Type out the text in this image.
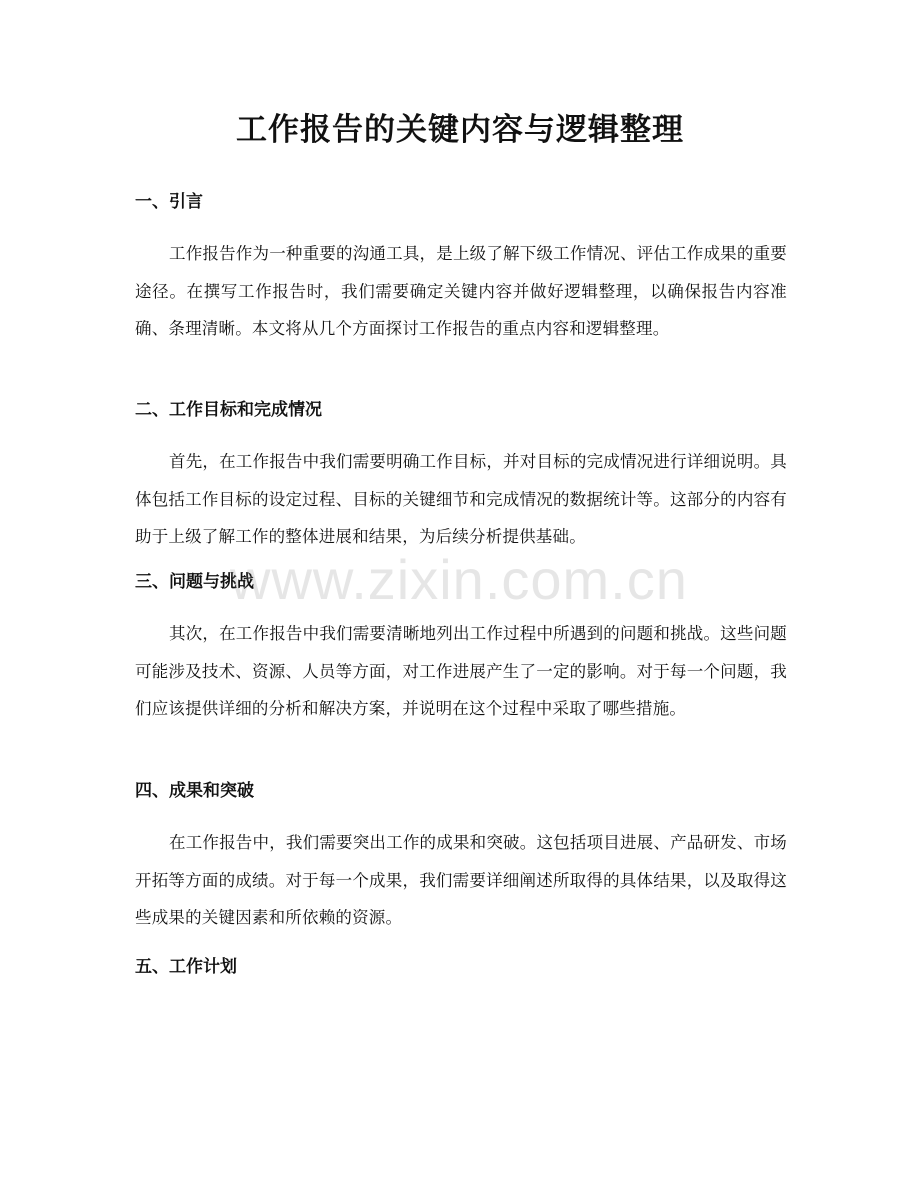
工作报告的关键内容与逻辑整理
一、引言

工作报告作为一种重要的沟通工具，是上级了解下级工作情况、评估工作成果的重要途径。在撰写工作报告时，我们需要确定关键内容并做好逻辑整理，以确保报告内容准确、条理清晰。本文将从几个方面探讨工作报告的重点内容和逻辑整理。

二、工作目标和完成情况

首先，在工作报告中我们需要明确工作目标，并对目标的完成情况进行详细说明。具体包括工作目标的设定过程、目标的关键细节和完成情况的数据统计等。这部分的内容有助于上级了解工作的整体进展和结果，为后续分析提供基础。

三、问题与挑战

其次，在工作报告中我们需要清晰地列出工作过程中所遇到的问题和挑战。这些问题可能涉及技术、资源、人员等方面，对工作进展产生了一定的影响。对于每一个问题，我们应该提供详细的分析和解决方案，并说明在这个过程中采取了哪些措施。

四、成果和突破

在工作报告中，我们需要突出工作的成果和突破。这包括项目进展、产品研发、市场开拓等方面的成绩。对于每一个成果，我们需要详细阐述所取得的具体结果，以及取得这些成果的关键因素和所依赖的资源。

五、工作计划
www.zixin.com.cn
